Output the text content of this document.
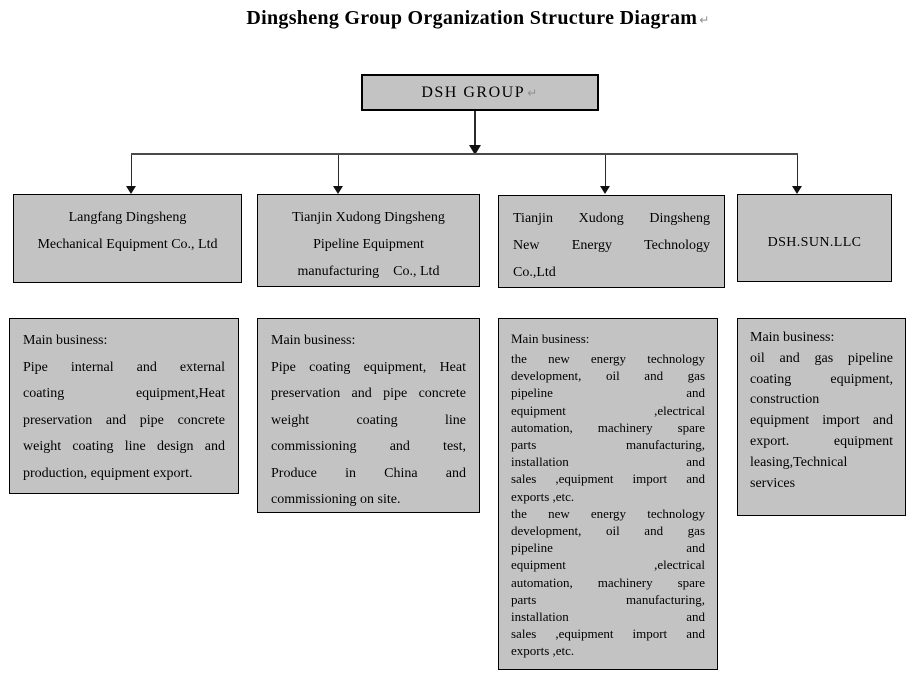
Dingsheng Group Organization Structure Diagram ↵
DSH GROUP ↵
Langfang Dingsheng
Mechanical Equipment Co., Ltd
Tianjin Xudong Dingsheng
Pipeline Equipment
manufacturing    Co., Ltd
Tianjin Xudong Dingsheng
New Energy Technology
Co.,Ltd
DSH.SUN.LLC
Main business:
Pipe internal and external
coating equipment,Heat
preservation and pipe concrete
weight coating line design and
production, equipment export.
Main business:
Pipe coating equipment, Heat
preservation and pipe concrete
weight coating line
commissioning and test,
Produce in China and
commissioning on site.
Main business:
the new energy technology
development, oil and gas
pipeline and
equipment ,electrical
automation, machinery spare
parts manufacturing,
installation and
sales ,equipment import and
exports ,etc.
the new energy technology
development, oil and gas
pipeline and
equipment ,electrical
automation, machinery spare
parts manufacturing,
installation and
sales ,equipment import and
exports ,etc.
Main business:
oil and gas pipeline
coating equipment,
construction
equipment import and
export. equipment
leasing,Technical
services
